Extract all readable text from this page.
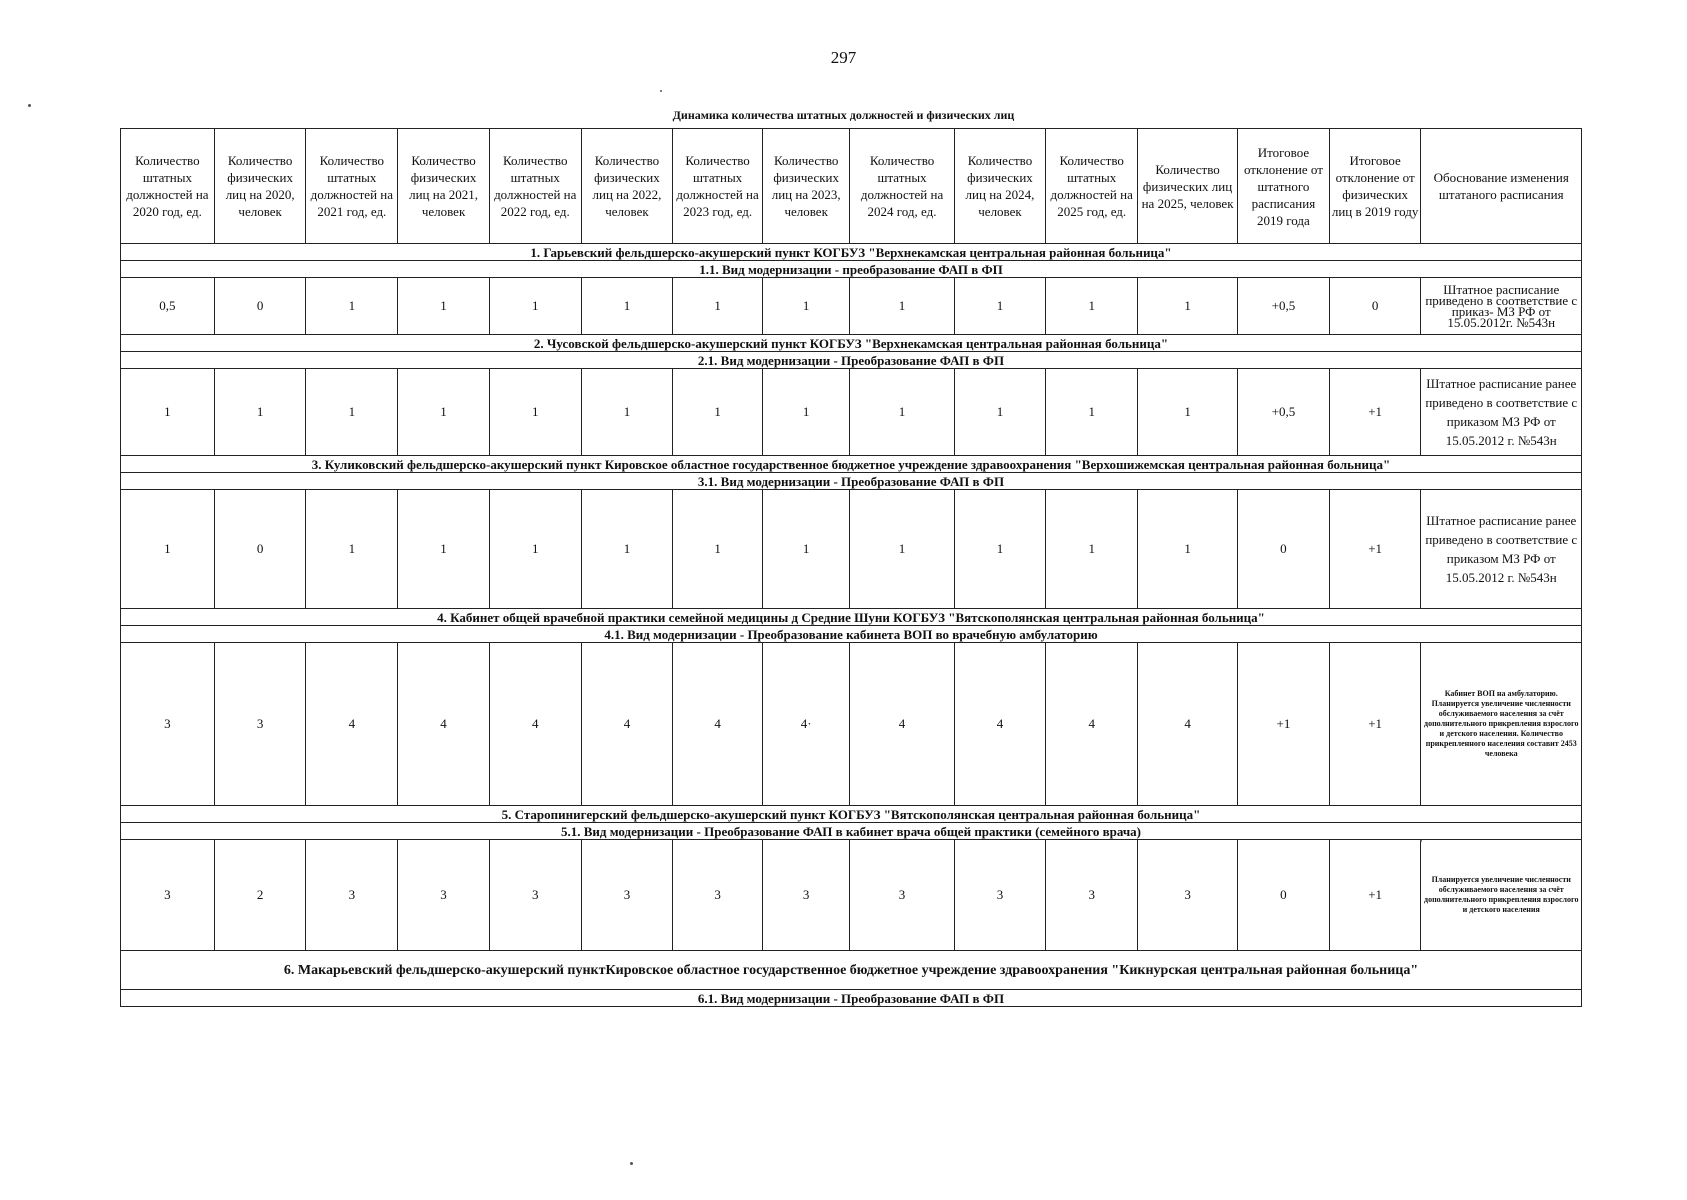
297
Динамика количества штатных должностей и физических лиц
Количество штатных должностей на 2020 год, ед.	Количество физических лиц на 2020, человек	Количество штатных должностей на 2021 год, ед.	Количество физических лиц на 2021, человек	Количество штатных должностей на 2022 год, ед.	Количество физических лиц на 2022, человек	Количество штатных должностей на 2023 год, ед.	Количество физических лиц на 2023, человек	Количество штатных должностей на 2024 год, ед.	Количество физических лиц на 2024, человек	Количество штатных должностей на 2025 год, ед.	Количество физических лиц на 2025, человек	Итоговое отклонение от штатного расписания 2019 года	Итоговое отклонение от физических лиц в 2019 году	Обоснование изменения штатаного расписания
1. Гарьевский фельдшерско-акушерский пункт КОГБУЗ "Верхнекамская центральная районная больница"														
1.1. Вид модернизации - преобразование ФАП в ФП														
0,5	0	1	1	1	1	1	1	1	1	1	1	+0,5	0	Штатное расписание приведено в соответствие с приказ- МЗ РФ от 15.05.2012г. №543н
2. Чусовской фельдшерско-акушерский пункт КОГБУЗ "Верхнекамская центральная районная больница"														
2.1. Вид модернизации - Преобразование ФАП в ФП														
1	1	1	1	1	1	1	1	1	1	1	1	+0,5	+1	Штатное расписание ранее приведено в соответствие с приказом МЗ РФ от 15.05.2012 г. №543н
3. Куликовский фельдшерско-акушерский пункт Кировское областное государственное бюджетное учреждение здравоохранения "Верхошижемская центральная районная больница"														
3.1. Вид модернизации - Преобразование ФАП в ФП														
1	0	1	1	1	1	1	1	1	1	1	1	0	+1	Штатное расписание ранее приведено в соответствие с приказом МЗ РФ от 15.05.2012 г. №543н
4. Кабинет общей врачебной практики семейной медицины д Средние Шуни КОГБУЗ "Вятскополянская центральная районная больница"														
4.1. Вид модернизации - Преобразование кабинета ВОП во врачебную амбулаторию														
3	3	4	4	4	4	4	4·	4	4	4	4	+1	+1	Кабинет ВОП на амбулаторию. Планируется увеличение численности обслуживаемого населения за счёт дополнительного прикрепления взрослого и детского населения. Количество прикрепленного населения составит 2453 человека
5. Старопинигерский фельдшерско-акушерский пункт КОГБУЗ "Вятскополянская центральная районная больница"														
5.1. Вид модернизации - Преобразование ФАП в кабинет врача общей практики (семейного врача)														
3	2	3	3	3	3	3	3	3	3	3	3	0	+1	Планируется увеличение численности обслуживаемого населения за счёт дополнительного прикрепления взрослого и детского населения
6. Макарьевский фельдшерско-акушерский пунктКировское областное государственное бюджетное учреждение здравоохранения "Кикнурская центральная районная больница"														
6.1. Вид модернизации - Преобразование ФАП в ФП														
